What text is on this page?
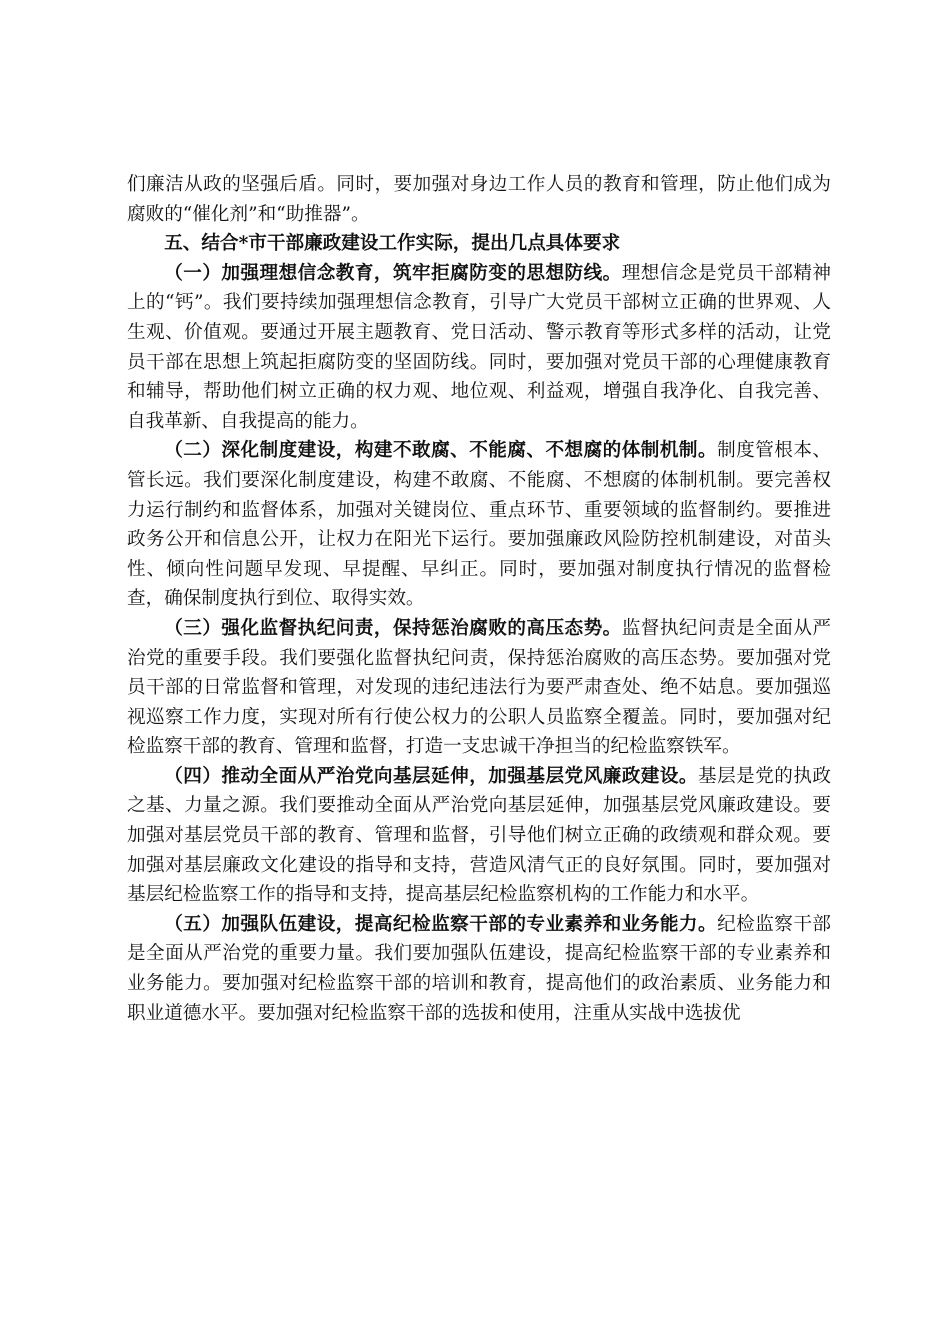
们廉洁从政的坚强后盾。同时，要加强对身边工作人员的教育和管理，防止他们成为腐败的“催化剂”和“助推器”。

五、结合*市干部廉政建设工作实际，提出几点具体要求

（一）加强理想信念教育，筑牢拒腐防变的思想防线。理想信念是党员干部精神上的“钙”。我们要持续加强理想信念教育，引导广大党员干部树立正确的世界观、人生观、价值观。要通过开展主题教育、党日活动、警示教育等形式多样的活动，让党员干部在思想上筑起拒腐防变的坚固防线。同时，要加强对党员干部的心理健康教育和辅导，帮助他们树立正确的权力观、地位观、利益观，增强自我净化、自我完善、自我革新、自我提高的能力。

（二）深化制度建设，构建不敢腐、不能腐、不想腐的体制机制。制度管根本、管长远。我们要深化制度建设，构建不敢腐、不能腐、不想腐的体制机制。要完善权力运行制约和监督体系，加强对关键岗位、重点环节、重要领域的监督制约。要推进政务公开和信息公开，让权力在阳光下运行。要加强廉政风险防控机制建设，对苗头性、倾向性问题早发现、早提醒、早纠正。同时，要加强对制度执行情况的监督检查，确保制度执行到位、取得实效。

（三）强化监督执纪问责，保持惩治腐败的高压态势。监督执纪问责是全面从严治党的重要手段。我们要强化监督执纪问责，保持惩治腐败的高压态势。要加强对党员干部的日常监督和管理，对发现的违纪违法行为要严肃查处、绝不姑息。要加强巡视巡察工作力度，实现对所有行使公权力的公职人员监察全覆盖。同时，要加强对纪检监察干部的教育、管理和监督，打造一支忠诚干净担当的纪检监察铁军。

（四）推动全面从严治党向基层延伸，加强基层党风廉政建设。基层是党的执政之基、力量之源。我们要推动全面从严治党向基层延伸，加强基层党风廉政建设。要加强对基层党员干部的教育、管理和监督，引导他们树立正确的政绩观和群众观。要加强对基层廉政文化建设的指导和支持，营造风清气正的良好氛围。同时，要加强对基层纪检监察工作的指导和支持，提高基层纪检监察机构的工作能力和水平。

（五）加强队伍建设，提高纪检监察干部的专业素养和业务能力。纪检监察干部是全面从严治党的重要力量。我们要加强队伍建设，提高纪检监察干部的专业素养和业务能力。要加强对纪检监察干部的培训和教育，提高他们的政治素质、业务能力和职业道德水平。要加强对纪检监察干部的选拔和使用，注重从实战中选拔优
